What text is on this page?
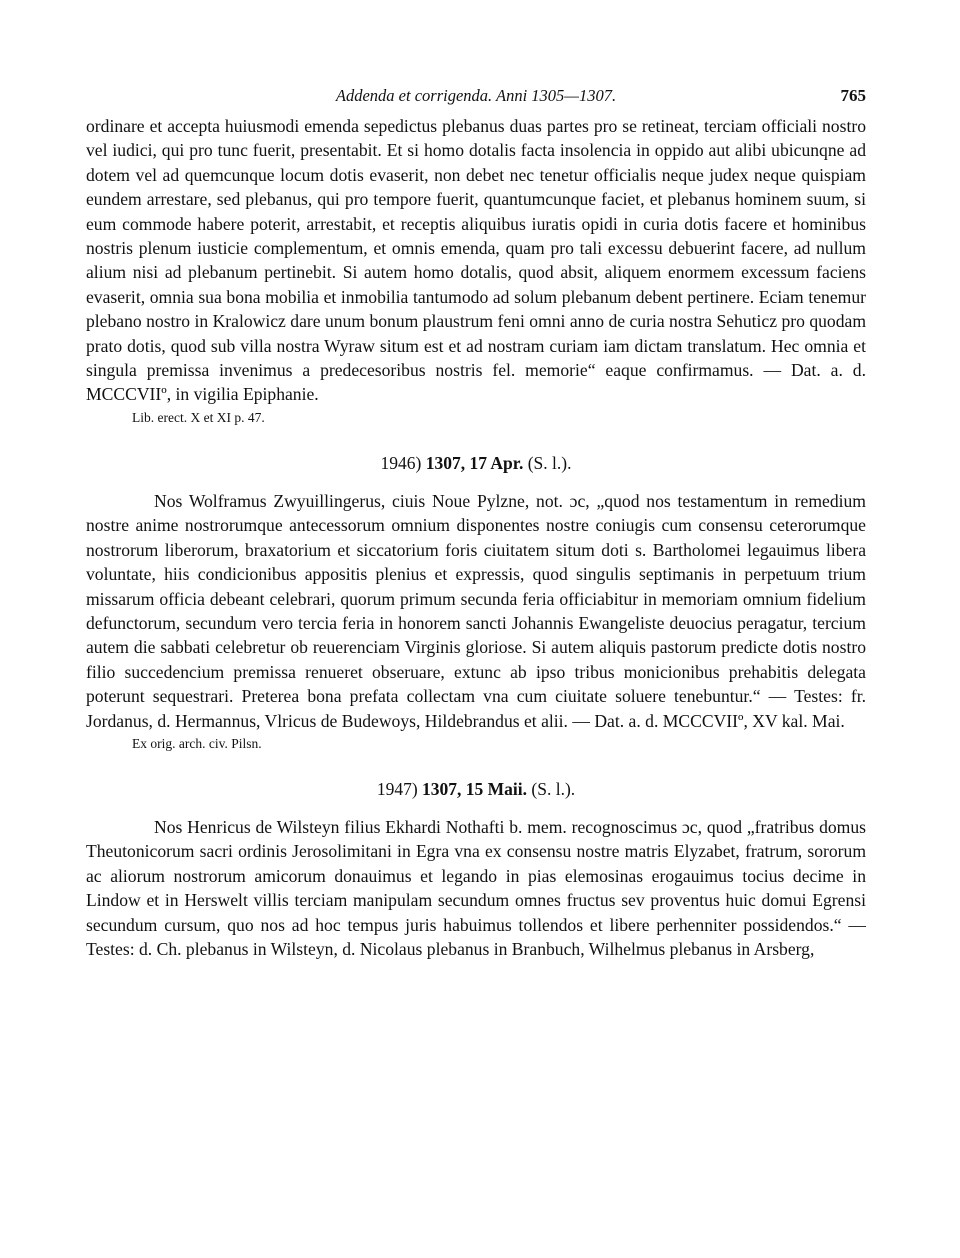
Addenda et corrigenda. Anni 1305—1307.	765

ordinare et accepta huiusmodi emenda sepedictus plebanus duas partes pro se retineat, terciam officiali nostro vel iudici, qui pro tunc fuerit, presentabit. Et si homo dotalis facta insolencia in oppido aut alibi ubicunqne ad dotem vel ad quemcunque locum dotis evaserit, non debet nec tenetur officialis neque judex neque quispiam eundem arrestare, sed plebanus, qui pro tempore fuerit, quantumcunque faciet, et plebanus hominem suum, si eum commode habere poterit, arrestabit, et receptis aliquibus iuratis opidi in curia dotis facere et hominibus nostris plenum iusticie complementum, et omnis emenda, quam pro tali excessu debuerint facere, ad nullum alium nisi ad plebanum pertinebit. Si autem homo dotalis, quod absit, aliquem enormem excessum faciens evaserit, omnia sua bona mobilia et inmobilia tantumodo ad solum plebanum debent pertinere. Eciam tenemur plebano nostro in Kralowicz dare unum bonum plaustrum feni omni anno de curia nostra Sehuticz pro quodam prato dotis, quod sub villa nostra Wyraw situm est et ad nostram curiam iam dictam translatum. Hec omnia et singula premissa invenimus a predecesoribus nostris fel. memorie“ eaque confirmamus. — Dat. a. d. MCCCVIIº, in vigilia Epiphanie.

Lib. erect. X et XI p. 47.

1946) 1307, 17 Apr. (S. l.).

Nos Wolframus Zwyuillingerus, ciuis Noue Pylzne, not. ɔc, „quod nos testamentum in remedium nostre anime nostrorumque antecessorum omnium disponentes nostre coniugis cum consensu ceterorumque nostrorum liberorum, braxatorium et siccatorium foris ciuitatem situm doti s. Bartholomei legauimus libera voluntate, hiis condicionibus appositis plenius et expressis, quod singulis septimanis in perpetuum trium missarum officia debeant celebrari, quorum primum secunda feria officiabitur in memoriam omnium fidelium defunctorum, secundum vero tercia feria in honorem sancti Johannis Ewangeliste deuocius peragatur, tercium autem die sabbati celebretur ob reuerenciam Virginis gloriose. Si autem aliquis pastorum predicte dotis nostro filio succedencium premissa renueret obseruare, extunc ab ipso tribus monicionibus prehabitis delegata poterunt sequestrari. Preterea bona prefata collectam vna cum ciuitate soluere tenebuntur.“ — Testes: fr. Jordanus, d. Hermannus, Vlricus de Budewoys, Hildebrandus et alii. — Dat. a. d. MCCCVIIº, XV kal. Mai.

Ex orig. arch. civ. Pilsn.

1947) 1307, 15 Maii. (S. l.).

Nos Henricus de Wilsteyn filius Ekhardi Nothafti b. mem. recognoscimus ɔc, quod „fratribus domus Theutonicorum sacri ordinis Jerosolimitani in Egra vna ex consensu nostre matris Elyzabet, fratrum, sororum ac aliorum nostrorum amicorum donauimus et legando in pias elemosinas erogauimus tocius decime in Lindow et in Herswelt villis terciam manipulam secundum omnes fructus sev proventus huic domui Egrensi secundum cursum, quo nos ad hoc tempus juris habuimus tollendos et libere perhenniter possidendos.“ — Testes: d. Ch. plebanus in Wilsteyn, d. Nicolaus plebanus in Branbuch, Wilhelmus plebanus in Arsberg,
